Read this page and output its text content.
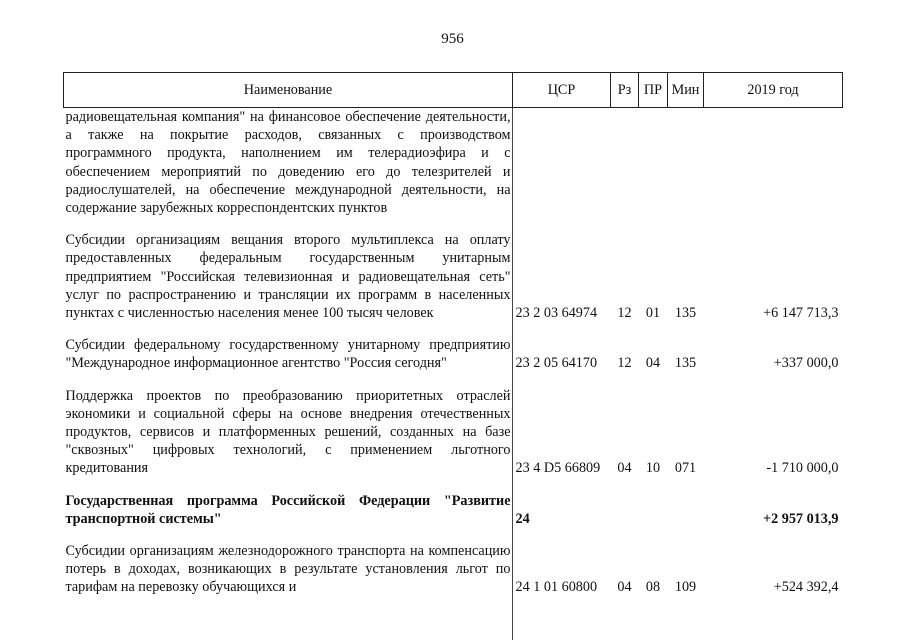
956
Наименование	ЦСР	Рз	ПР	Мин	2019 год
радиовещательная компания" на финансовое обеспечение деятельности, а также на покрытие расходов, связанных с производством программного продукта, наполнением им телерадиоэфира и с обеспечением мероприятий по доведению его до телезрителей и радиослушателей, на обеспечение международной деятельности, на содержание зарубежных корреспондентских пунктов					

Субсидии организациям вещания второго мультиплекса на оплату предоставленных федеральным государственным унитарным предприятием "Российская телевизионная и радиовещательная сеть" услуг по распространению и трансляции их программ в населенных пунктах с численностью населения менее 100 тысяч человек	23 2 03 64974	12	01	135	+6 147 713,3

Субсидии федеральному государственному унитарному предприятию "Международное информационное агентство "Россия сегодня"	23 2 05 64170	12	04	135	+337 000,0

Поддержка проектов по преобразованию приоритетных отраслей экономики и социальной сферы на основе внедрения отечественных продуктов, сервисов и платформенных решений, созданных на базе "сквозных" цифровых технологий, с применением льготного кредитования	23 4 D5 66809	04	10	071	-1 710 000,0

Государственная программа Российской Федерации "Развитие транспортной системы"	24				+2 957 013,9

Субсидии организациям железнодорожного транспорта на компенсацию потерь в доходах, возникающих в результате установления льгот по тарифам на перевозку обучающихся и	24 1 01 60800	04	08	109	+524 392,4
